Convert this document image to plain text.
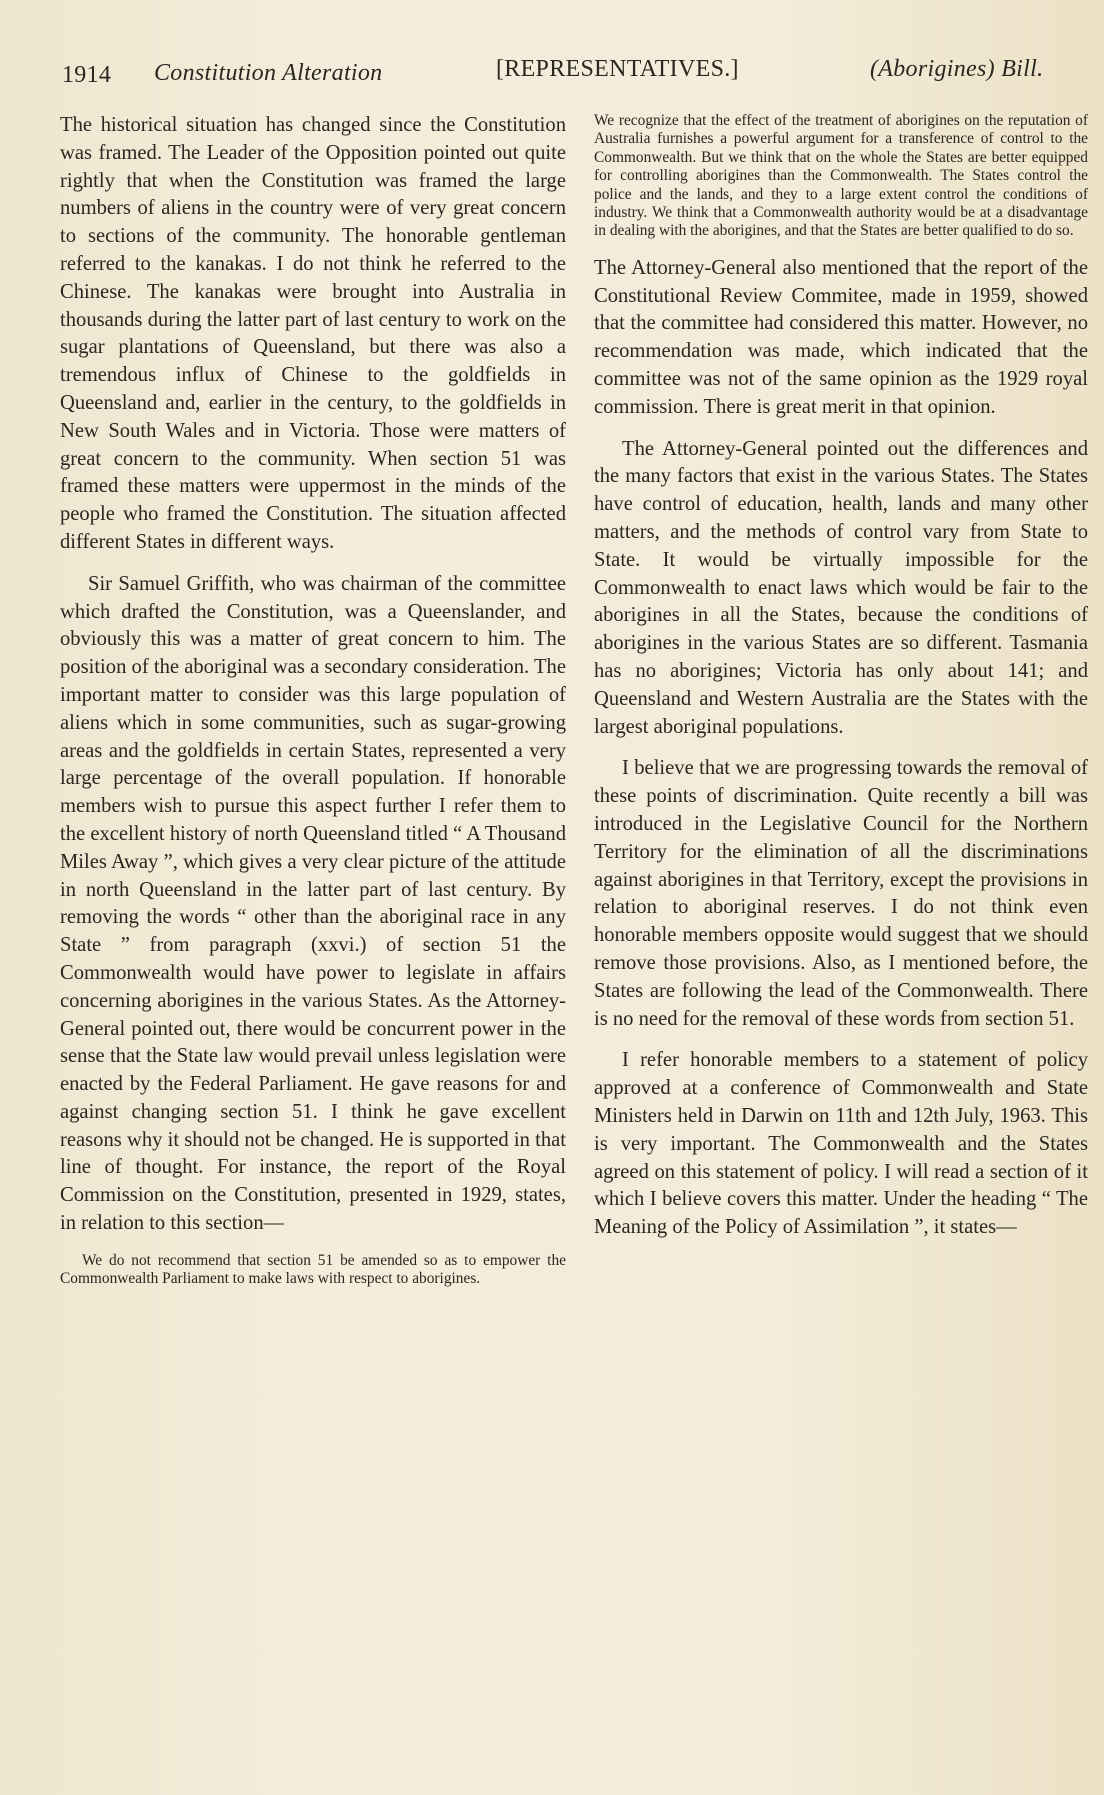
1914 Constitution Alteration	[REPRESENTATIVES.]	(Aborigines) Bill.

The historical situation has changed since the Constitution was framed. The Leader of the Opposition pointed out quite rightly that when the Constitution was framed the large numbers of aliens in the country were of very great concern to sections of the community. The honorable gentleman referred to the kanakas. I do not think he referred to the Chinese. The kanakas were brought into Australia in thousands during the latter part of last century to work on the sugar plantations of Queensland, but there was also a tremendous influx of Chinese to the goldfields in Queensland and, earlier in the century, to the goldfields in New South Wales and in Victoria. Those were matters of great concern to the community. When section 51 was framed these matters were uppermost in the minds of the people who framed the Constitution. The situation affected different States in different ways.

Sir Samuel Griffith, who was chairman of the committee which drafted the Constitution, was a Queenslander, and obviously this was a matter of great concern to him. The position of the aboriginal was a secondary consideration. The important matter to consider was this large population of aliens which in some communities, such as sugar-growing areas and the goldfields in certain States, represented a very large percentage of the overall population. If honorable members wish to pursue this aspect further I refer them to the excellent history of north Queensland titled “ A Thousand Miles Away ”, which gives a very clear picture of the attitude in north Queensland in the latter part of last century. By removing the words “ other than the aboriginal race in any State ” from paragraph (xxvi.) of section 51 the Commonwealth would have power to legislate in affairs concerning aborigines in the various States. As the Attorney-General pointed out, there would be concurrent power in the sense that the State law would prevail unless legislation were enacted by the Federal Parliament. He gave reasons for and against changing section 51. I think he gave excellent reasons why it should not be changed. He is supported in that line of thought. For instance, the report of the Royal Commission on the Constitution, presented in 1929, states, in relation to this section—

We do not recommend that section 51 be amended so as to empower the Commonwealth Parliament to make laws with respect to aborigines.

We recognize that the effect of the treatment of aborigines on the reputation of Australia furnishes a powerful argument for a transference of control to the Commonwealth. But we think that on the whole the States are better equipped for controlling aborigines than the Commonwealth. The States control the police and the lands, and they to a large extent control the conditions of industry. We think that a Commonwealth authority would be at a disadvantage in dealing with the aborigines, and that the States are better qualified to do so.

The Attorney-General also mentioned that the report of the Constitutional Review Commitee, made in 1959, showed that the committee had considered this matter. However, no recommendation was made, which indicated that the committee was not of the same opinion as the 1929 royal commission. There is great merit in that opinion.

The Attorney-General pointed out the differences and the many factors that exist in the various States. The States have control of education, health, lands and many other matters, and the methods of control vary from State to State. It would be virtually impossible for the Commonwealth to enact laws which would be fair to the aborigines in all the States, because the conditions of aborigines in the various States are so different. Tasmania has no aborigines; Victoria has only about 141; and Queensland and Western Australia are the States with the largest aboriginal populations.

I believe that we are progressing towards the removal of these points of discrimination. Quite recently a bill was introduced in the Legislative Council for the Northern Territory for the elimination of all the discriminations against aborigines in that Territory, except the provisions in relation to aboriginal reserves. I do not think even honorable members opposite would suggest that we should remove those provisions. Also, as I mentioned before, the States are following the lead of the Commonwealth. There is no need for the removal of these words from section 51.

I refer honorable members to a statement of policy approved at a conference of Commonwealth and State Ministers held in Darwin on 11th and 12th July, 1963. This is very important. The Commonwealth and the States agreed on this statement of policy. I will read a section of it which I believe covers this matter. Under the heading “ The Meaning of the Policy of Assimilation ”, it states—
